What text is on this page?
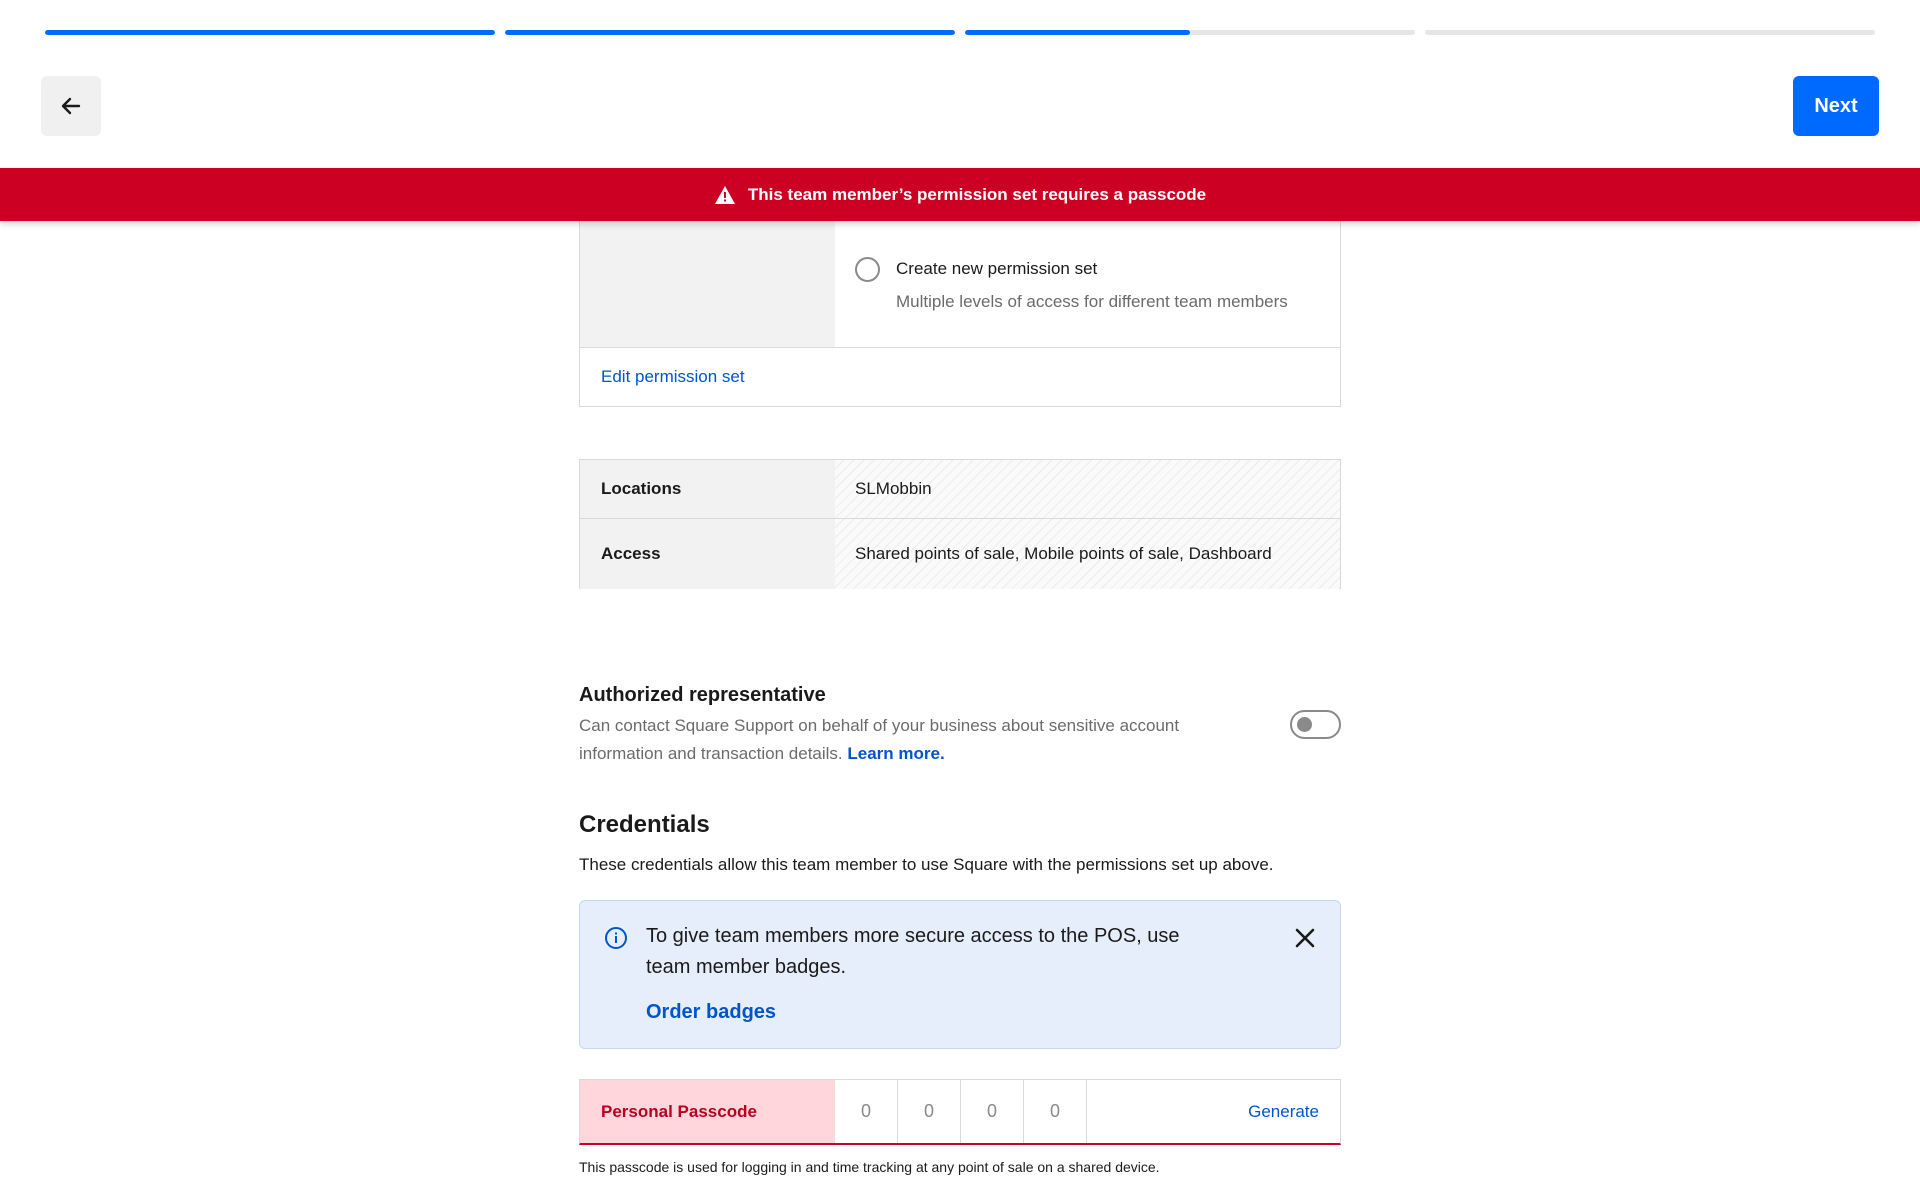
Next
This team member’s permission set requires a passcode
Create new permission set
Multiple levels of access for different team members
Edit permission set
Locations	SLMobbin
Access	Shared points of sale, Mobile points of sale, Dashboard
Authorized representative
Can contact Square Support on behalf of your business about sensitive account information and transaction details. Learn more.
Credentials
These credentials allow this team member to use Square with the permissions set up above.
To give team members more secure access to the POS, use team member badges.
Order badges
Personal Passcode	0	0	0	0	Generate
This passcode is used for logging in and time tracking at any point of sale on a shared device.
